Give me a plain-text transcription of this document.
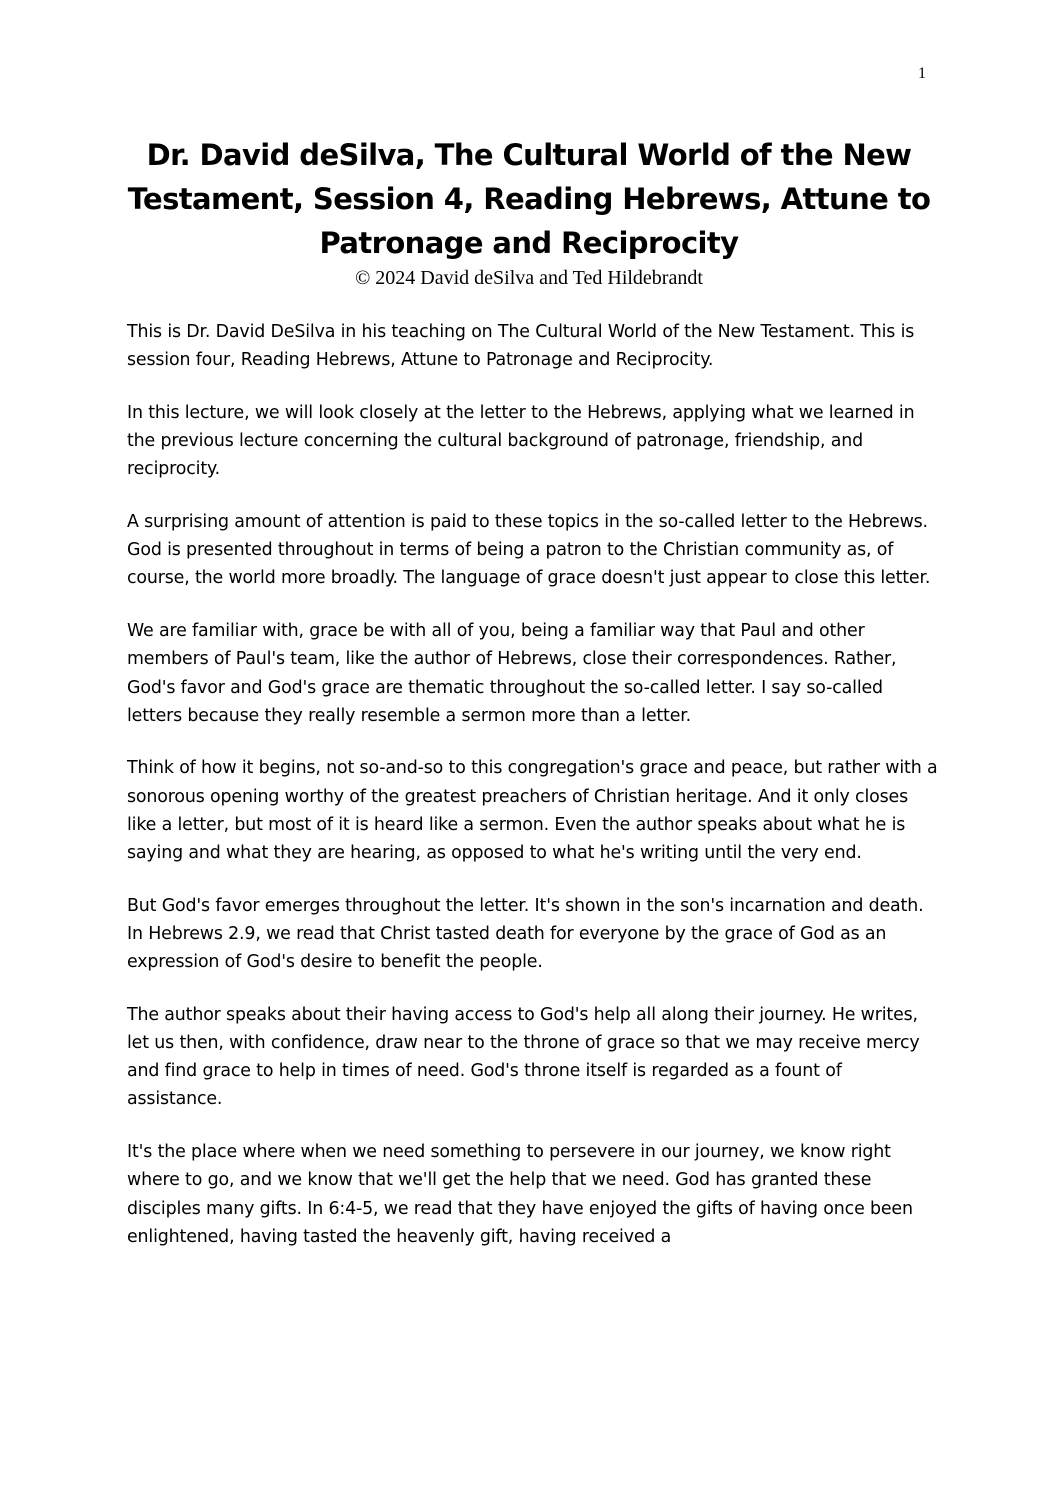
1
Dr. David deSilva, The Cultural World of the New Testament, Session 4, Reading Hebrews, Attune to Patronage and Reciprocity
© 2024 David deSilva and Ted Hildebrandt

This is Dr. David DeSilva in his teaching on The Cultural World of the New Testament. This is session four, Reading Hebrews, Attune to Patronage and Reciprocity.

In this lecture, we will look closely at the letter to the Hebrews, applying what we learned in the previous lecture concerning the cultural background of patronage, friendship, and reciprocity.

A surprising amount of attention is paid to these topics in the so-called letter to the Hebrews. God is presented throughout in terms of being a patron to the Christian community as, of course, the world more broadly. The language of grace doesn't just appear to close this letter.

We are familiar with, grace be with all of you, being a familiar way that Paul and other members of Paul's team, like the author of Hebrews, close their correspondences. Rather, God's favor and God's grace are thematic throughout the so-called letter. I say so-called letters because they really resemble a sermon more than a letter.

Think of how it begins, not so-and-so to this congregation's grace and peace, but rather with a sonorous opening worthy of the greatest preachers of Christian heritage. And it only closes like a letter, but most of it is heard like a sermon. Even the author speaks about what he is saying and what they are hearing, as opposed to what he's writing until the very end.

But God's favor emerges throughout the letter. It's shown in the son's incarnation and death. In Hebrews 2.9, we read that Christ tasted death for everyone by the grace of God as an expression of God's desire to benefit the people.

The author speaks about their having access to God's help all along their journey. He writes, let us then, with confidence, draw near to the throne of grace so that we may receive mercy and find grace to help in times of need. God's throne itself is regarded as a fount of assistance.

It's the place where when we need something to persevere in our journey, we know right where to go, and we know that we'll get the help that we need. God has granted these disciples many gifts. In 6:4-5, we read that they have enjoyed the gifts of having once been enlightened, having tasted the heavenly gift, having received a
